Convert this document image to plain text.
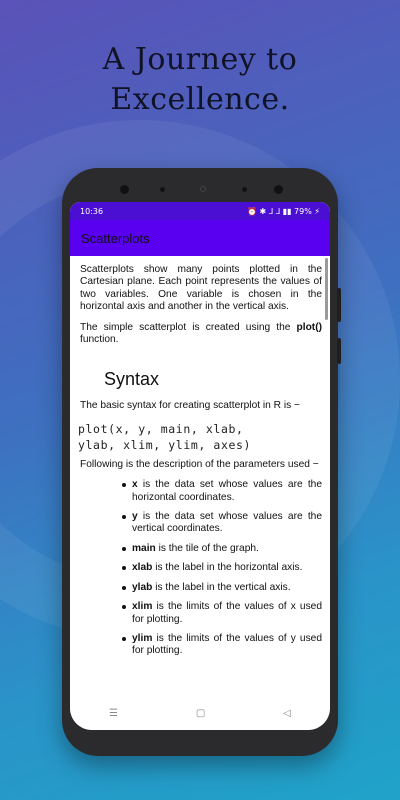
A Journey to
Excellence.
10:36	⏰ ✱ ⅃ ⅃ ▮▮ 79% ⚡
Scatterplots

Scatterplots show many points plotted in the Cartesian plane. Each point represents the values of two variables. One variable is chosen in the horizontal axis and another in the vertical axis.

The simple scatterplot is created using the plot() function.

Syntax

The basic syntax for creating scatterplot in R is −

plot(x, y, main, xlab,
ylab, xlim, ylim, axes)

Following is the description of the parameters used −

x is the data set whose values are the horizontal coordinates.
y is the data set whose values are the vertical coordinates.
main is the tile of the graph.
xlab is the label in the horizontal axis.
ylab is the label in the vertical axis.
xlim is the limits of the values of x used for plotting.
ylim is the limits of the values of y used for plotting.
☰	▢	◁
